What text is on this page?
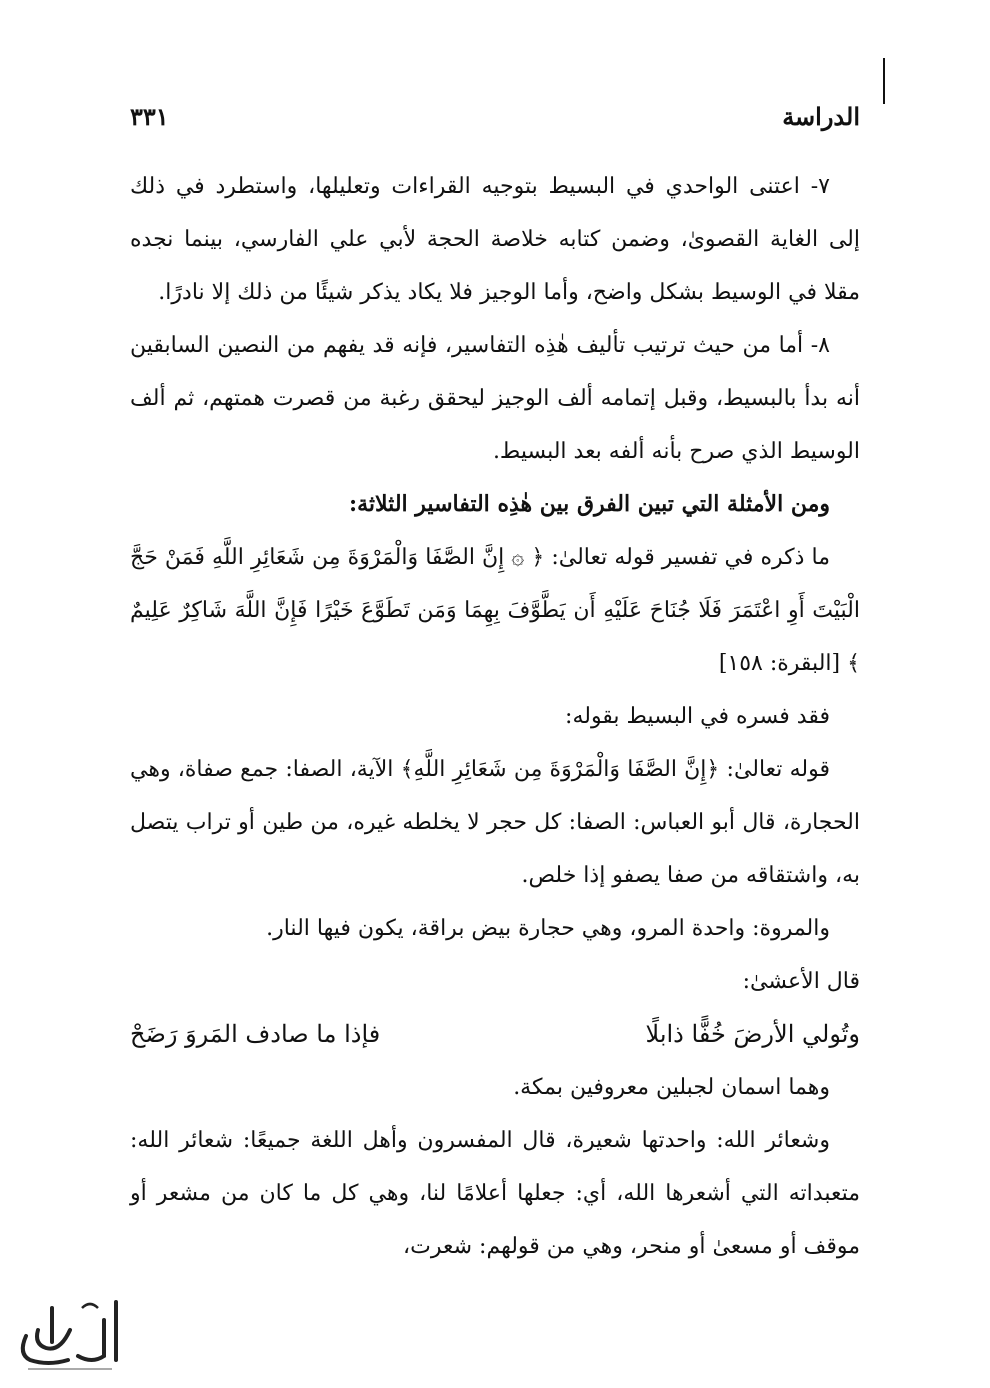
الدراسة
٣٣١

٧- اعتنى الواحدي في البسيط بتوجيه القراءات وتعليلها، واستطرد في ذلك إلى الغاية القصوىٰ، وضمن كتابه خلاصة الحجة لأبي علي الفارسي، بينما نجده مقلا في الوسيط بشكل واضح، وأما الوجيز فلا يكاد يذكر شيئًا من ذلك إلا نادرًا.

٨- أما من حيث ترتيب تأليف هٰذِه التفاسير، فإنه قد يفهم من النصين السابقين أنه بدأ بالبسيط، وقبل إتمامه ألف الوجيز ليحقق رغبة من قصرت همتهم، ثم ألف الوسيط الذي صرح بأنه ألفه بعد البسيط.

ومن الأمثلة التي تبين الفرق بين هٰذِه التفاسير الثلاثة:

ما ذكره في تفسير قوله تعالىٰ: ﴿ ۞ إِنَّ الصَّفَا وَالْمَرْوَةَ مِن شَعَائِرِ اللَّهِ فَمَنْ حَجَّ الْبَيْتَ أَوِ اعْتَمَرَ فَلَا جُنَاحَ عَلَيْهِ أَن يَطَّوَّفَ بِهِمَا وَمَن تَطَوَّعَ خَيْرًا فَإِنَّ اللَّهَ شَاكِرٌ عَلِيمٌ ﴾ [البقرة: ١٥٨]

فقد فسره في البسيط بقوله:

قوله تعالىٰ: ﴿إِنَّ الصَّفَا وَالْمَرْوَةَ مِن شَعَائِرِ اللَّهِ﴾ الآية، الصفا: جمع صفاة، وهي الحجارة، قال أبو العباس: الصفا: كل حجر لا يخلطه غيره، من طين أو تراب يتصل به، واشتقاقه من صفا يصفو إذا خلص.

والمروة: واحدة المرو، وهي حجارة بيض براقة، يكون فيها النار.

قال الأعشىٰ:

وتُولي الأرضَ خُفًّا ذابلًا
فإذا ما صادف المَروَ رَضَحْ

وهما اسمان لجبلين معروفين بمكة.

وشعائر الله: واحدتها شعيرة، قال المفسرون وأهل اللغة جميعًا: شعائر الله: متعبداته التي أشعرها الله، أي: جعلها أعلامًا لنا، وهي كل ما كان من مشعر أو موقف أو مسعىٰ أو منحر، وهي من قولهم: شعرت،
